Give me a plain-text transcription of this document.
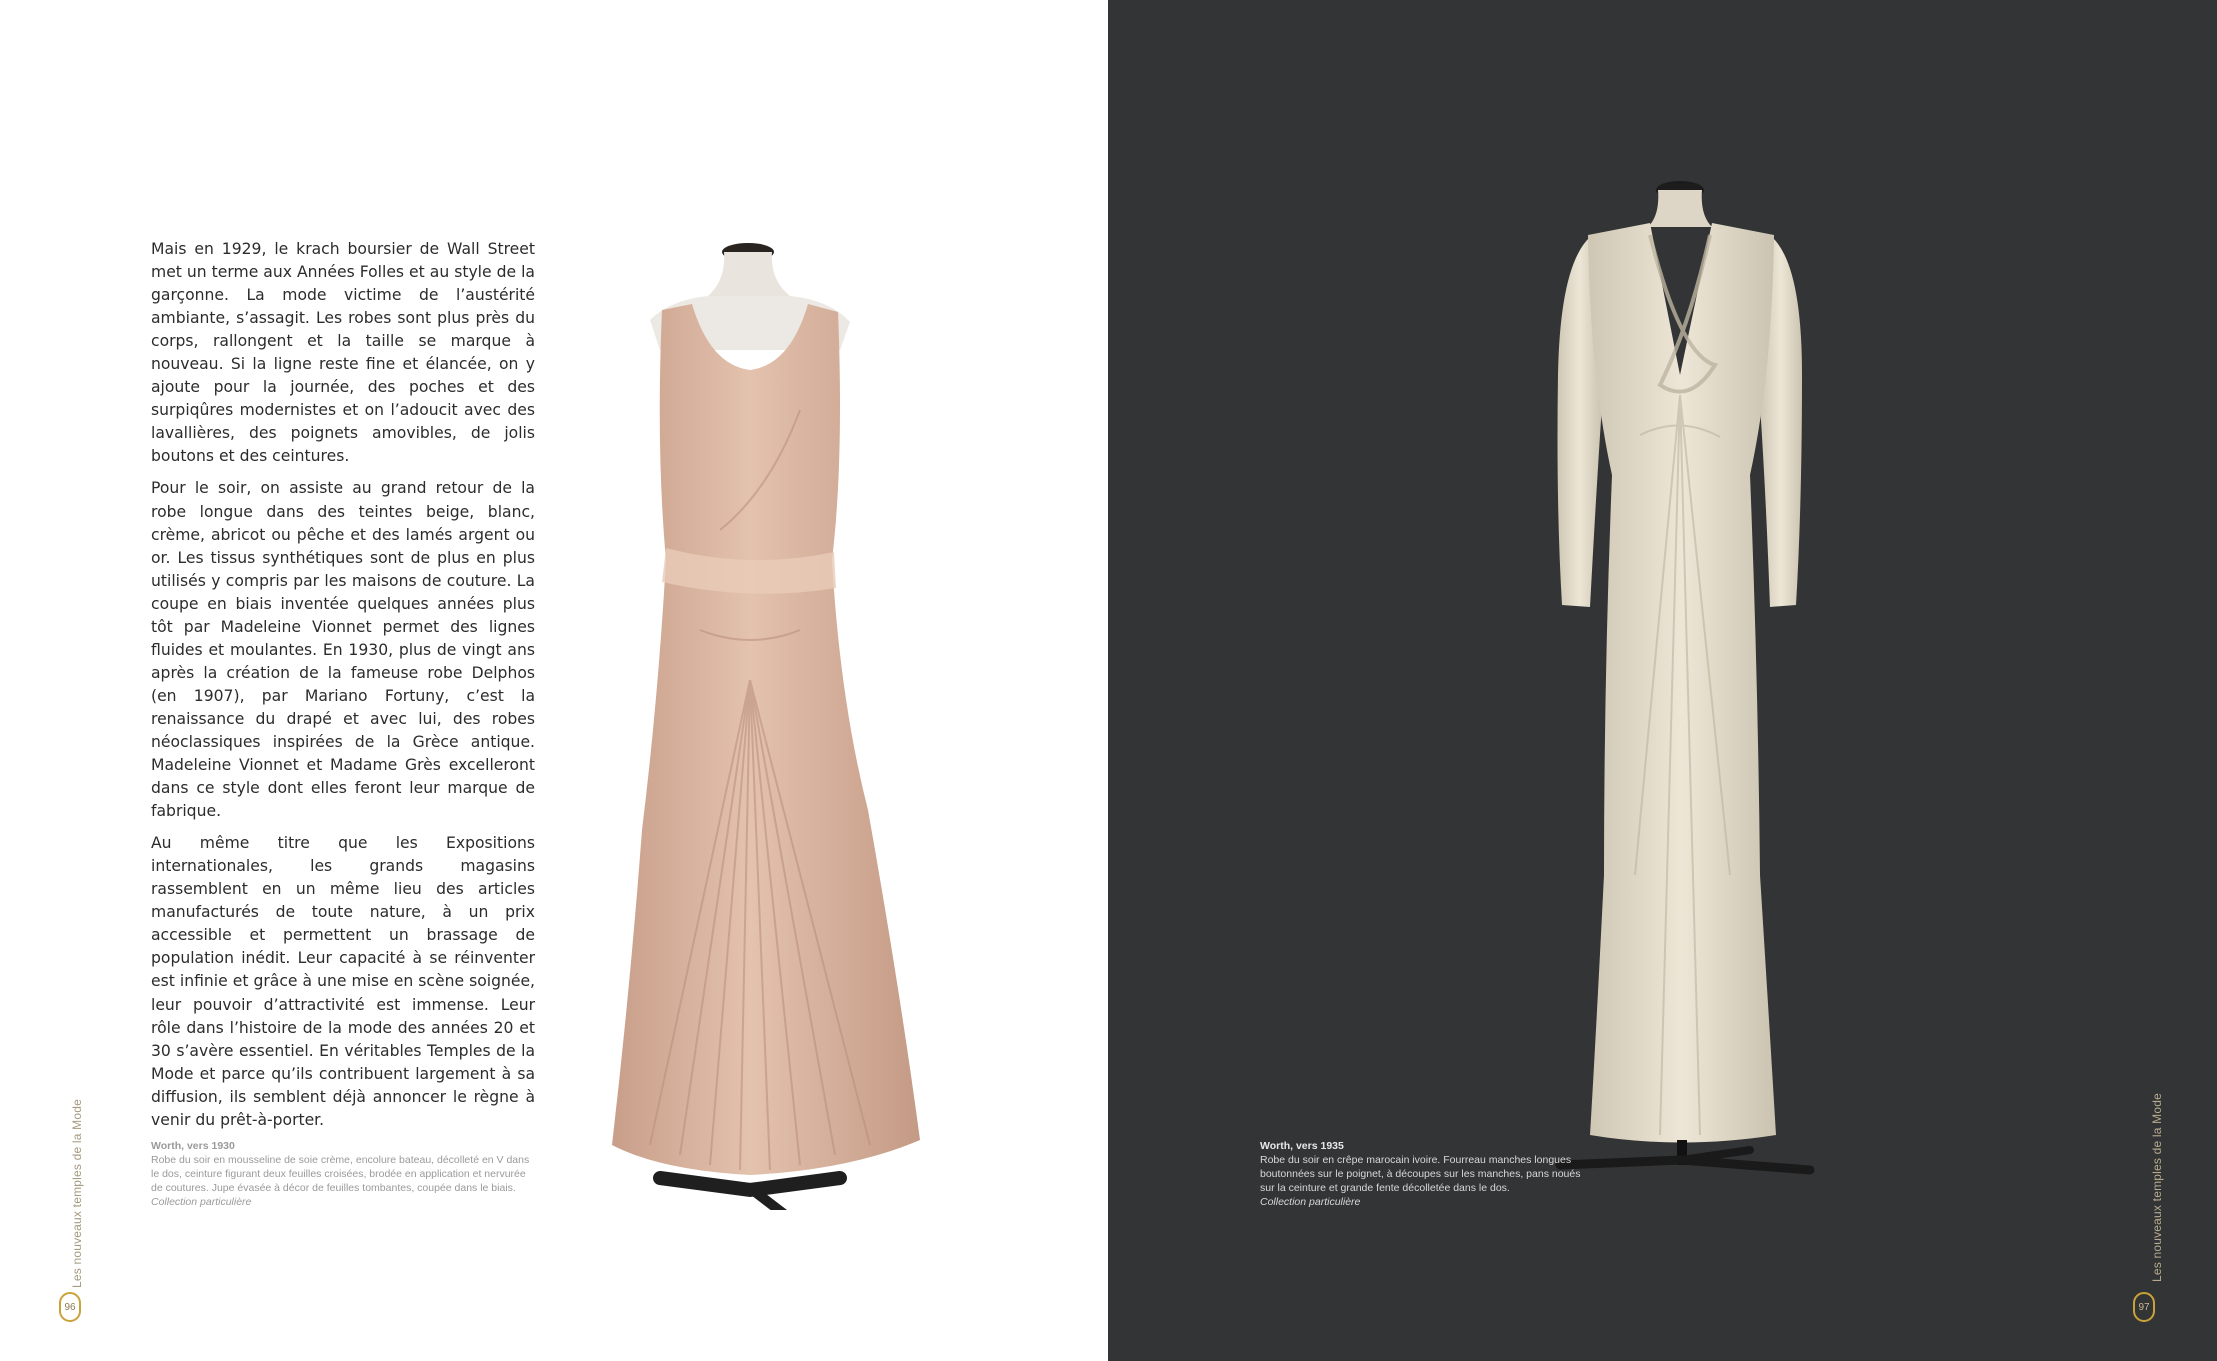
Mais en 1929, le krach boursier de Wall Street met un terme aux Années Folles et au style de la garçonne. La mode victime de l’austérité ambiante, s’assagit. Les robes sont plus près du corps, rallongent et la taille se marque à nouveau. Si la ligne reste fine et élancée, on y ajoute pour la journée, des poches et des surpiqûres modernistes et on l’adoucit avec des lavallières, des poignets amovibles, de jolis boutons et des ceintures.

Pour le soir, on assiste au grand retour de la robe longue dans des teintes beige, blanc, crème, abricot ou pêche et des lamés argent ou or. Les tissus synthétiques sont de plus en plus utilisés y compris par les maisons de couture. La coupe en biais inventée quelques années plus tôt par Madeleine Vionnet permet des lignes fluides et moulantes. En 1930, plus de vingt ans après la création de la fameuse robe Delphos (en 1907), par Mariano Fortuny, c’est la renaissance du drapé et avec lui, des robes néoclassiques inspirées de la Grèce antique. Madeleine Vionnet et Madame Grès excelleront dans ce style dont elles feront leur marque de fabrique.

Au même titre que les Expositions internationales, les grands magasins rassemblent en un même lieu des articles manufacturés de toute nature, à un prix accessible et permettent un brassage de population inédit. Leur capacité à se réinventer est infinie et grâce à une mise en scène soignée, leur pouvoir d’attractivité est immense. Leur rôle dans l’histoire de la mode des années 20 et 30 s’avère essentiel. En véritables Temples de la Mode et parce qu’ils contribuent largement à sa diffusion, ils semblent déjà annoncer le règne à venir du prêt-à-porter.

Worth, vers 1930
Robe du soir en mousseline de soie crème, encolure bateau, décolleté en V dans le dos, ceinture figurant deux feuilles croisées, brodée en application et nervurée de coutures. Jupe évasée à décor de feuilles tombantes, coupée dans le biais.
Collection particulière
Les nouveaux temples de la Mode
96
Worth, vers 1935
Robe du soir en crêpe marocain ivoire. Fourreau manches longues boutonnées sur le poignet, à découpes sur les manches, pans noués sur la ceinture et grande fente décolletée dans le dos.
Collection particulière	Les nouveaux temples de la Mode
97
